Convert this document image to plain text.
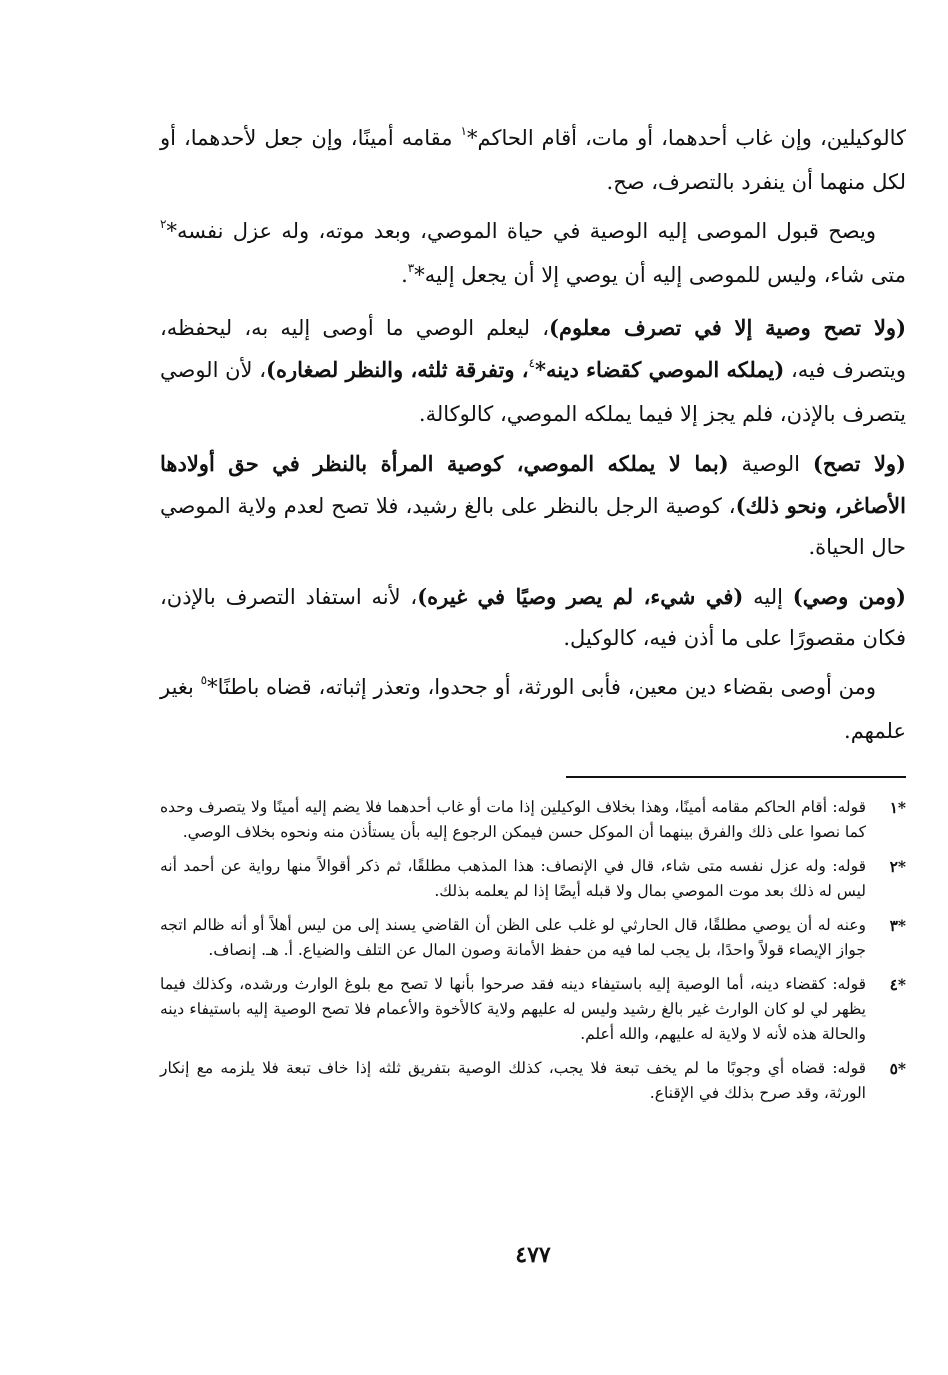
كالوكيلين، وإن غاب أحدهما، أو مات، أقام الحاكم*$^١$ مقامه أمينًا، وإن جعل لأحدهما، أو لكل منهما أن ينفرد بالتصرف، صح.

ويصح قبول الموصى إليه الوصية في حياة الموصي، وبعد موته، وله عزل نفسه*$^٢$ متى شاء، وليس للموصى إليه أن يوصي إلا أن يجعل إليه*$^٣$.

(ولا تصح وصية إلا في تصرف معلوم)، ليعلم الوصي ما أوصى إليه به، ليحفظه، ويتصرف فيه، (يملكه الموصي كقضاء دينه*$^٤$، وتفرقة ثلثه، والنظر لصغاره)، لأن الوصي يتصرف بالإذن، فلم يجز إلا فيما يملكه الموصي، كالوكالة.

(ولا تصح) الوصية (بما لا يملكه الموصي، كوصية المرأة بالنظر في حق أولادها الأصاغر، ونحو ذلك)، كوصية الرجل بالنظر على بالغ رشيد، فلا تصح لعدم ولاية الموصي حال الحياة.

(ومن وصي) إليه (في شيء، لم يصر وصيًا في غيره)، لأنه استفاد التصرف بالإذن، فكان مقصورًا على ما أذن فيه، كالوكيل.

ومن أوصى بقضاء دين معين، فأبى الورثة، أو جحدوا، وتعذر إثباته، قضاه باطنًا*$^٥$ بغير علمهم.

*١
قوله: أقام الحاكم مقامه أمينًا، وهذا بخلاف الوكيلين إذا مات أو غاب أحدهما فلا يضم إليه أمينًا ولا يتصرف وحده كما نصوا على ذلك والفرق بينهما أن الموكل حسن فيمكن الرجوع إليه بأن يستأذن منه ونحوه بخلاف الوصي.
*٢
قوله: وله عزل نفسه متى شاء، قال في الإنصاف: هذا المذهب مطلقًا، ثم ذكر أقوالاً منها رواية عن أحمد أنه ليس له ذلك بعد موت الموصي بمال ولا قبله أيضًا إذا لم يعلمه بذلك.
*٣
وعنه له أن يوصي مطلقًا، قال الحارثي لو غلب على الظن أن القاضي يسند إلى من ليس أهلاً أو أنه ظالم اتجه جواز الإيصاء قولاً واحدًا، بل يجب لما فيه من حفظ الأمانة وصون المال عن التلف والضياع. أ. هـ. إنصاف.
*٤
قوله: كقضاء دينه، أما الوصية إليه باستيفاء دينه فقد صرحوا بأنها لا تصح مع بلوغ الوارث ورشده، وكذلك فيما يظهر لي لو كان الوارث غير بالغ رشيد وليس له عليهم ولاية كالأخوة والأعمام فلا تصح الوصية إليه باستيفاء دينه والحالة هذه لأنه لا ولاية له عليهم، والله أعلم.
*٥
قوله: قضاه أي وجوبًا ما لم يخف تبعة فلا يجب، كذلك الوصية بتفريق ثلثه إذا خاف تبعة فلا يلزمه مع إنكار الورثة، وقد صرح بذلك في الإقناع.
٤٧٧
